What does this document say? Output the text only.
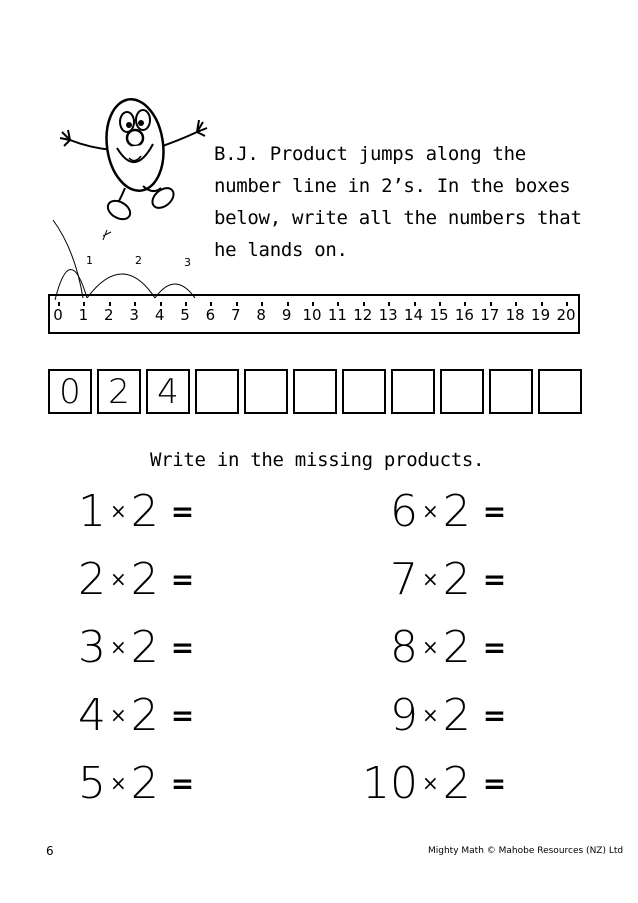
1	2	3
B.J. Product jumps along the number line in 2’s. In the boxes below, write all the numbers that he lands on.
0 1 2 3 4 5 6 7 8 9 10 11 12 13 14 15 16 17 18 19 20
0 2 4
Write in the missing products.
1 × 2 =
2 × 2 =
3 × 2 =
4 × 2 =
5 × 2 =
6 × 2 =
7 × 2 =
8 × 2 =
9 × 2 =
10 × 2 =
6	Mighty Math © Mahobe Resources (NZ) Ltd
